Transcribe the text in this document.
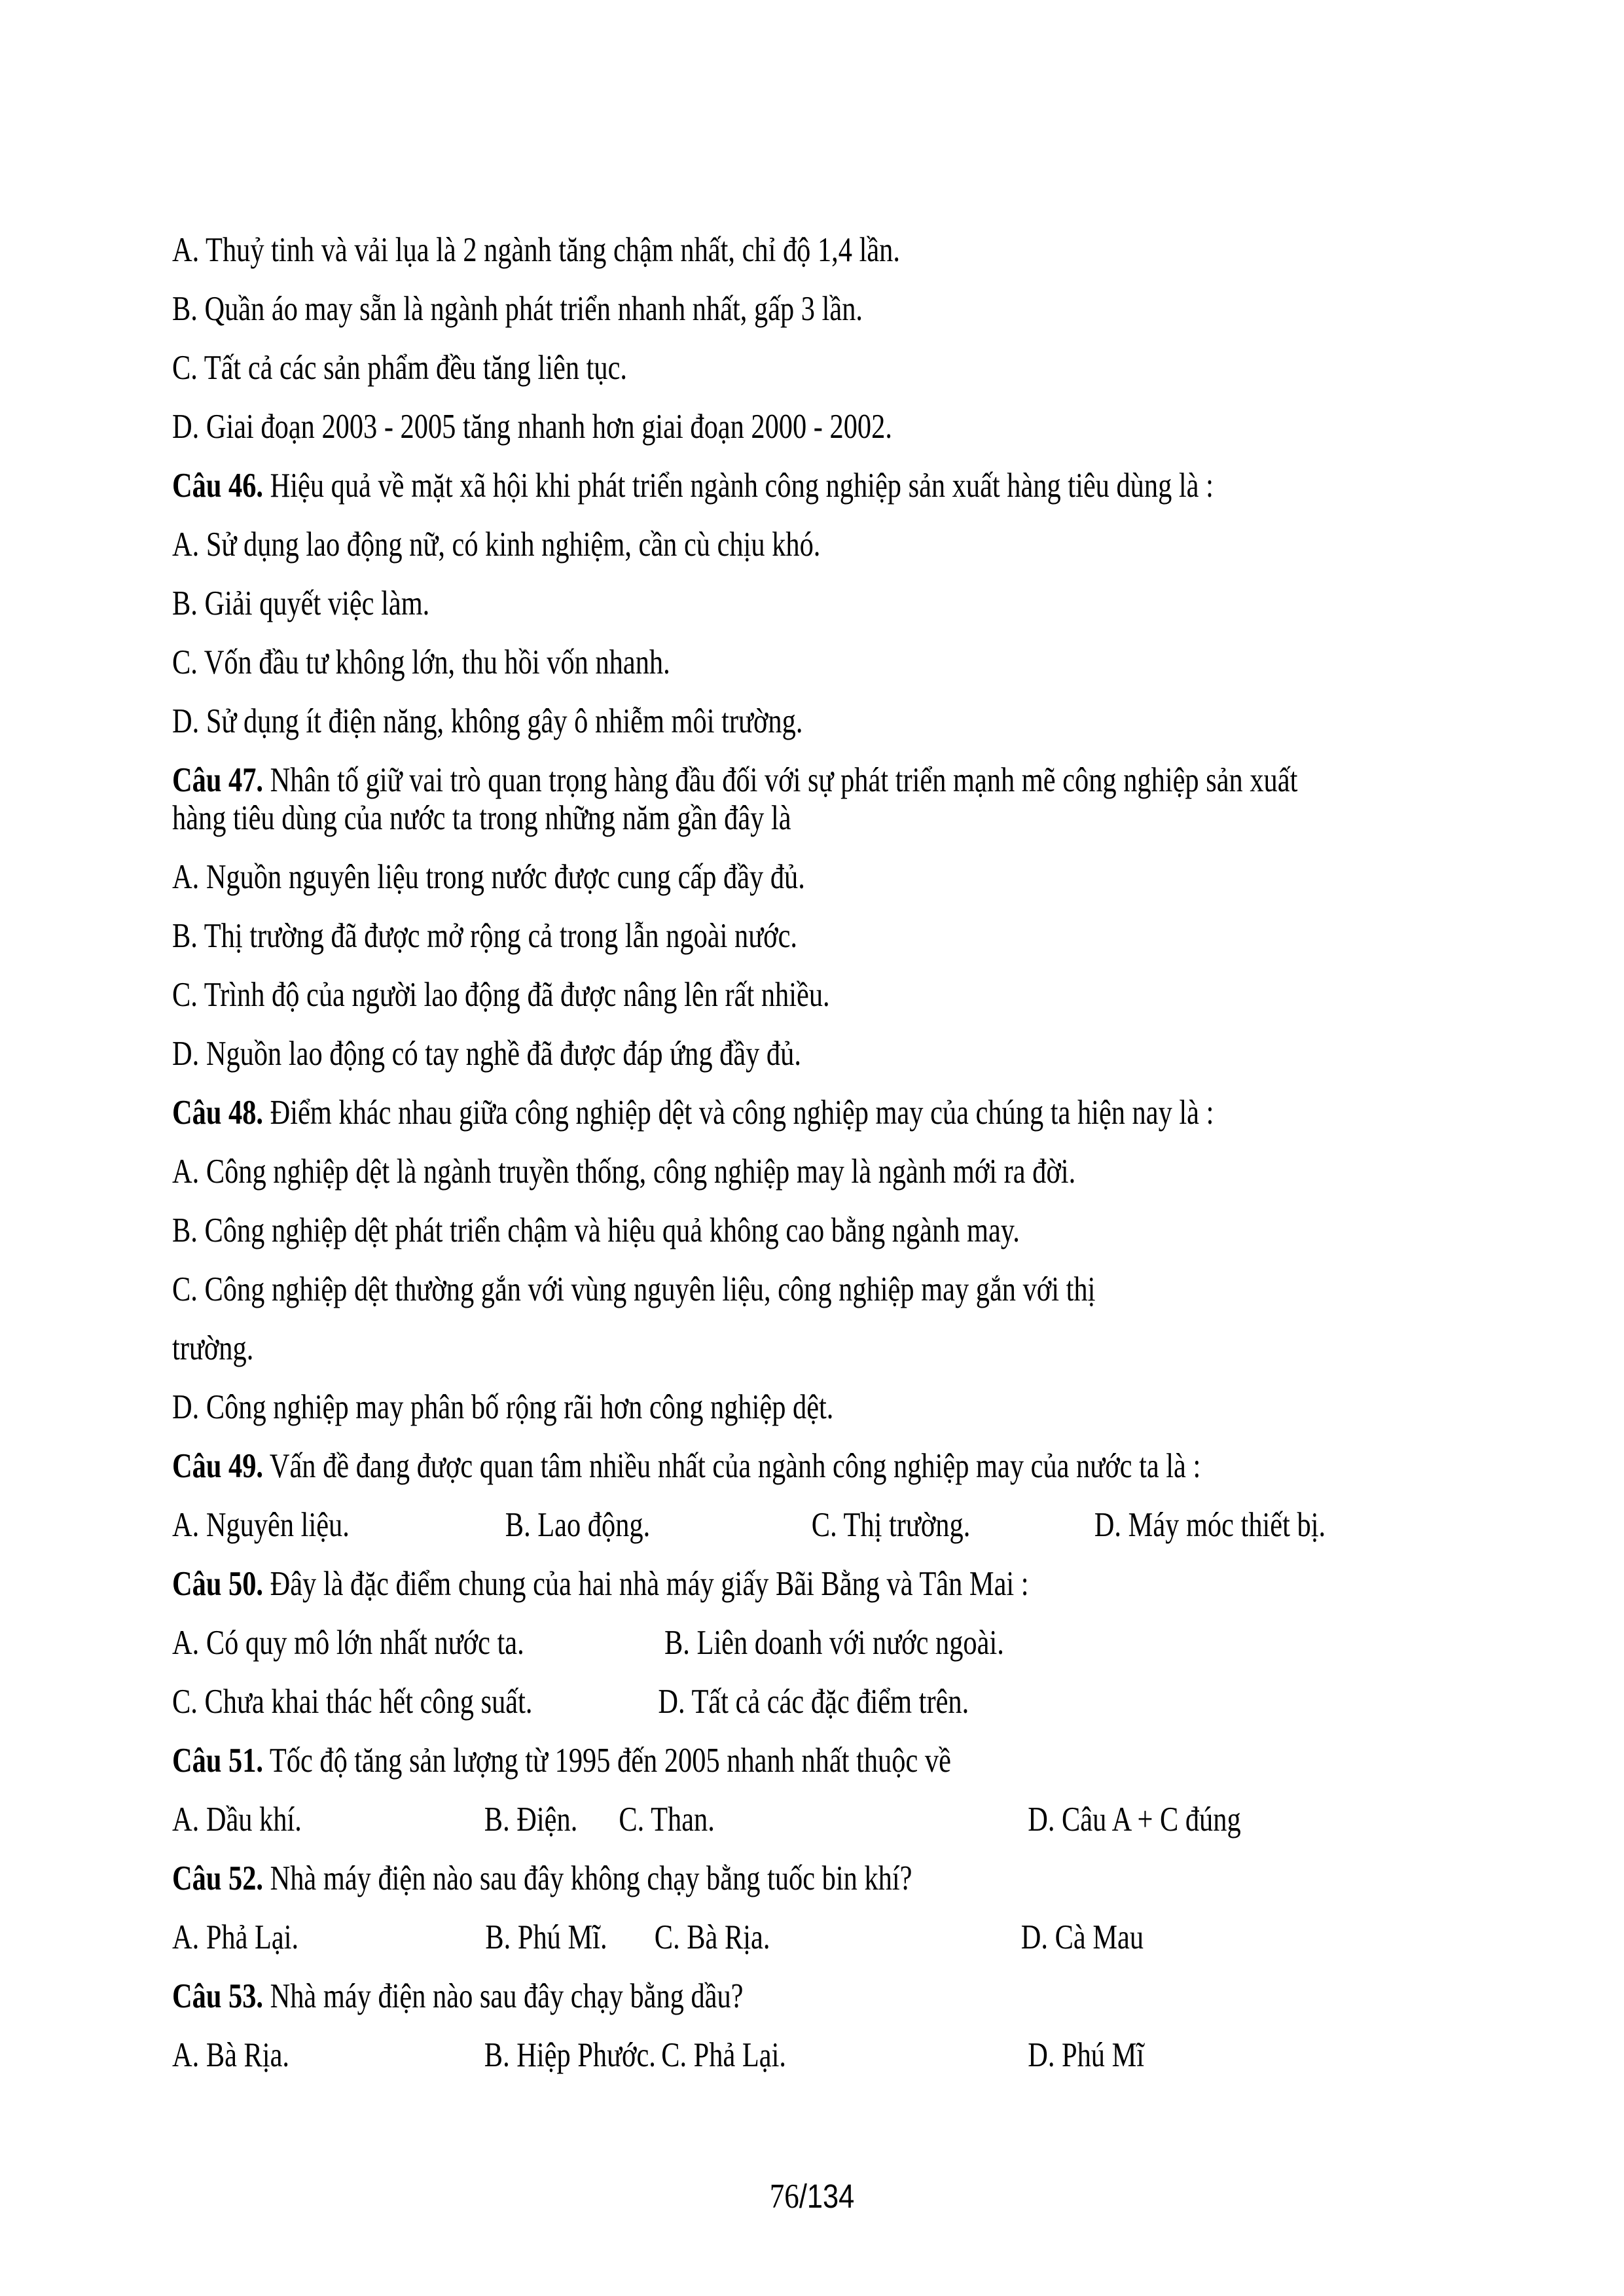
A. Thuỷ tinh và vải lụa là 2 ngành tăng chậm nhất, chỉ độ 1,4 lần.

B. Quần áo may sẵn là ngành phát triển nhanh nhất, gấp 3 lần.

C. Tất cả các sản phẩm đều tăng liên tục.

D. Giai đoạn 2003 - 2005 tăng nhanh hơn giai đoạn 2000 - 2002.

Câu 46. Hiệu quả về mặt xã hội khi phát triển ngành công nghiệp sản xuất hàng tiêu dùng là :

A. Sử dụng lao động nữ, có kinh nghiệm, cần cù chịu khó.

B. Giải quyết việc làm.

C. Vốn đầu tư không lớn, thu hồi vốn nhanh.

D. Sử dụng ít điện năng, không gây ô nhiễm môi trường.

Câu 47. Nhân tố giữ vai trò quan trọng hàng đầu đối với sự phát triển mạnh mẽ công nghiệp sản xuất
hàng tiêu dùng của nước ta trong những năm gần đây là

A. Nguồn nguyên liệu trong nước được cung cấp đầy đủ.

B. Thị trường đã được mở rộng cả trong lẫn ngoài nước.

C. Trình độ của người lao động đã được nâng lên rất nhiều.

D. Nguồn lao động có tay nghề đã được đáp ứng đầy đủ.

Câu 48. Điểm khác nhau giữa công nghiệp dệt và công nghiệp may của chúng ta hiện nay là :

A. Công nghiệp dệt là ngành truyền thống, công nghiệp may là ngành mới ra đời.

B. Công nghiệp dệt phát triển chậm và hiệu quả không cao bằng ngành may.

C. Công nghiệp dệt thường gắn với vùng nguyên liệu, công nghiệp may gắn với thị

trường.

D. Công nghiệp may phân bố rộng rãi hơn công nghiệp dệt.

Câu 49. Vấn đề đang được quan tâm nhiều nhất của ngành công nghiệp may của nước ta là :

A. Nguyên liệu.	B. Lao động.	C. Thị trường.	D. Máy móc thiết bị.

Câu 50. Đây là đặc điểm chung của hai nhà máy giấy Bãi Bằng và Tân Mai :

A. Có quy mô lớn nhất nước ta.	B. Liên doanh với nước ngoài.
C. Chưa khai thác hết công suất.	D. Tất cả các đặc điểm trên.

Câu 51. Tốc độ tăng sản lượng từ 1995 đến 2005 nhanh nhất thuộc về

A. Dầu khí.	B. Điện. C. Than.	D. Câu A + C đúng

Câu 52. Nhà máy điện nào sau đây không chạy bằng tuốc bin khí?

A. Phả Lại.	B. Phú Mĩ. C. Bà Rịa.	D. Cà Mau

Câu 53. Nhà máy điện nào sau đây chạy bằng dầu?

A. Bà Rịa.	B. Hiệp Phước. C. Phả Lại.	D. Phú Mĩ
76/134
